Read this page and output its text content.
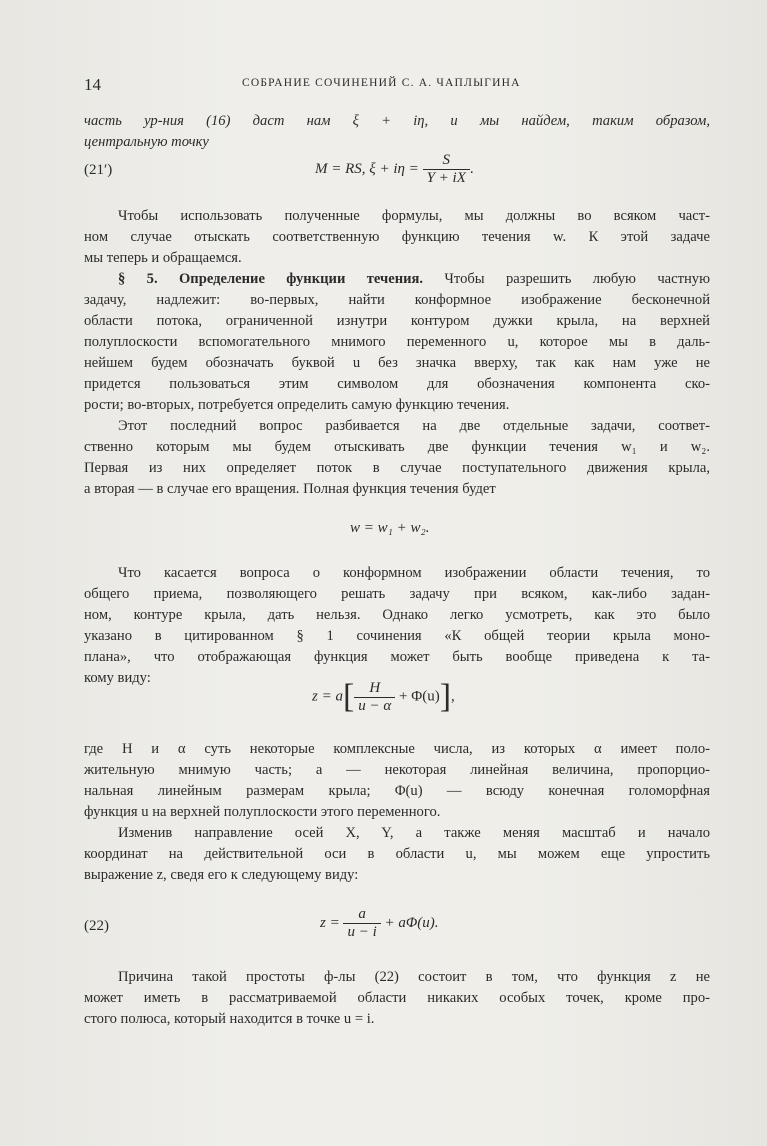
14	СОБРАНИЕ СОЧИНЕНИЙ С. А. ЧАПЛЫГИНА
часть ур-ния (16) даст нам ξ + iη, и мы найдем, таким образом,
центральную точку
(21′)	M = RS, $\xi + i\eta = \frac{S}{Y + iX}$ .
Чтобы использовать полученные формулы, мы должны во всяком част-
ном случае отыскать соответственную функцию течения w. К этой задаче
мы теперь и обращаемся.
§ 5. Определение функции течения. Чтобы разрешить любую частную
задачу, надлежит: во-первых, найти конформное изображение бесконечной
области потока, ограниченной изнутри контуром дужки крыла, на верхней
полуплоскости вспомогательного мнимого переменного u, которое мы в даль-
нейшем будем обозначать буквой u без значка вверху, так как нам уже не
придется пользоваться этим символом для обозначения компонента ско-
рости; во-вторых, потребуется определить самую функцию течения.
Этот последний вопрос разбивается на две отдельные задачи, соответ-
ственно которым мы будем отыскивать две функции течения w₁ и w₂.
Первая из них определяет поток в случае поступательного движения крыла,
а вторая — в случае его вращения. Полная функция течения будет
w = w₁ + w₂.
Что касается вопроса о конформном изображении области течения, то
общего приема, позволяющего решать задачу при всяком, как-либо задан-
ном, контуре крыла, дать нельзя. Однако легко усмотреть, как это было
указано в цитированном § 1 сочинения «К общей теории крыла моно-
плана», что отображающая функция может быть вообще приведена к та-
кому виду:
$z = a[ \frac{H}{u - \alpha} + \Phi(u)]$,
где H и α суть некоторые комплексные числа, из которых α имеет поло-
жительную мнимую часть; a — некоторая линейная величина, пропорцио-
нальная линейным размерам крыла; Φ(u) — всюду конечная голоморфная
функция u на верхней полуплоскости этого переменного.
Изменив направление осей X, Y, а также меняя масштаб и начало
координат на действительной оси в области u, мы можем еще упростить
выражение z, сведя его к следующему виду:
(22)	$z = \frac{a}{u - i} + a\Phi(u)$.
Причина такой простоты ф-лы (22) состоит в том, что функция z не
может иметь в рассматриваемой области никаких особых точек, кроме про-
стого полюса, который находится в точке u = i.
